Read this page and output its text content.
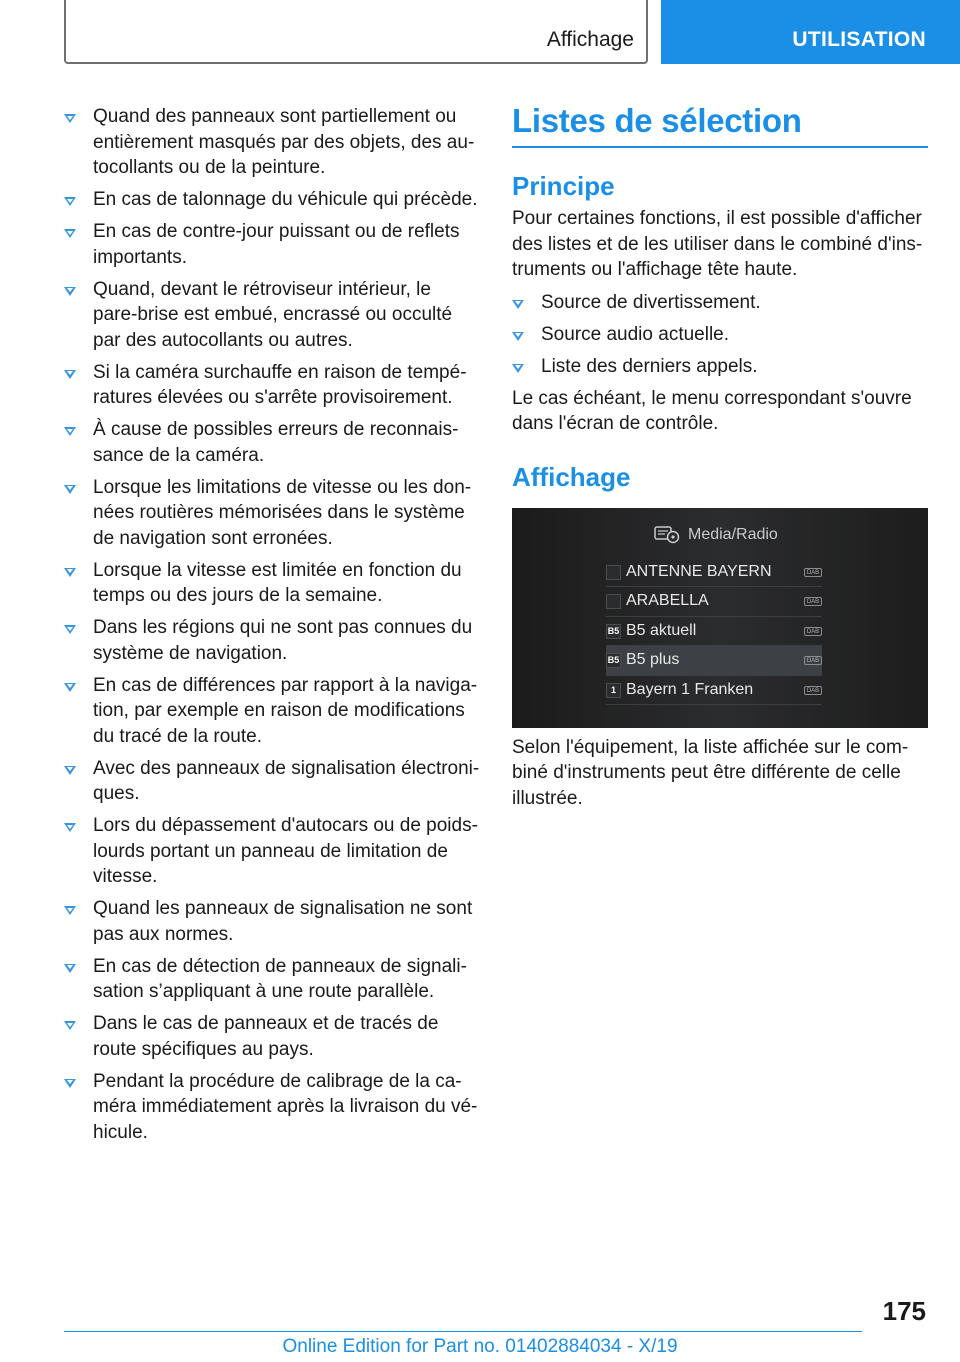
Affichage	UTILISATION
Quand des panneaux sont partiellement ou entièrement masqués par des objets, des au-tocollants ou de la peinture.
En cas de talonnage du véhicule qui précède.
En cas de contre-jour puissant ou de reflets importants.
Quand, devant le rétroviseur intérieur, le pare-brise est embué, encrassé ou occulté par des autocollants ou autres.
Si la caméra surchauffe en raison de tempé-ratures élevées ou s'arrête provisoirement.
À cause de possibles erreurs de reconnais-sance de la caméra.
Lorsque les limitations de vitesse ou les don-nées routières mémorisées dans le système de navigation sont erronées.
Lorsque la vitesse est limitée en fonction du temps ou des jours de la semaine.
Dans les régions qui ne sont pas connues du système de navigation.
En cas de différences par rapport à la naviga-tion, par exemple en raison de modifications du tracé de la route.
Avec des panneaux de signalisation électroni-ques.
Lors du dépassement d'autocars ou de poids-lourds portant un panneau de limitation de vitesse.
Quand les panneaux de signalisation ne sont pas aux normes.
En cas de détection de panneaux de signali-sation s’appliquant à une route parallèle.
Dans le cas de panneaux et de tracés de route spécifiques au pays.
Pendant la procédure de calibrage de la ca-méra immédiatement après la livraison du vé-hicule.
Listes de sélection
Principe
Pour certaines fonctions, il est possible d'afficher des listes et de les utiliser dans le combiné d'ins-truments ou l'affichage tête haute.
Source de divertissement.
Source audio actuelle.
Liste des derniers appels.
Le cas échéant, le menu correspondant s'ouvre dans l'écran de contrôle.
Affichage
Media/Radio
ANTENNE BAYERN	DAB
ARABELLA	DAB
B5 B5 aktuell	DAB
B5 B5 plus	DAB
1 Bayern 1 Franken	DAB
Selon l'équipement, la liste affichée sur le com-biné d'instruments peut être différente de celle illustrée.
175
Online Edition for Part no. 01402884034 - X/19
